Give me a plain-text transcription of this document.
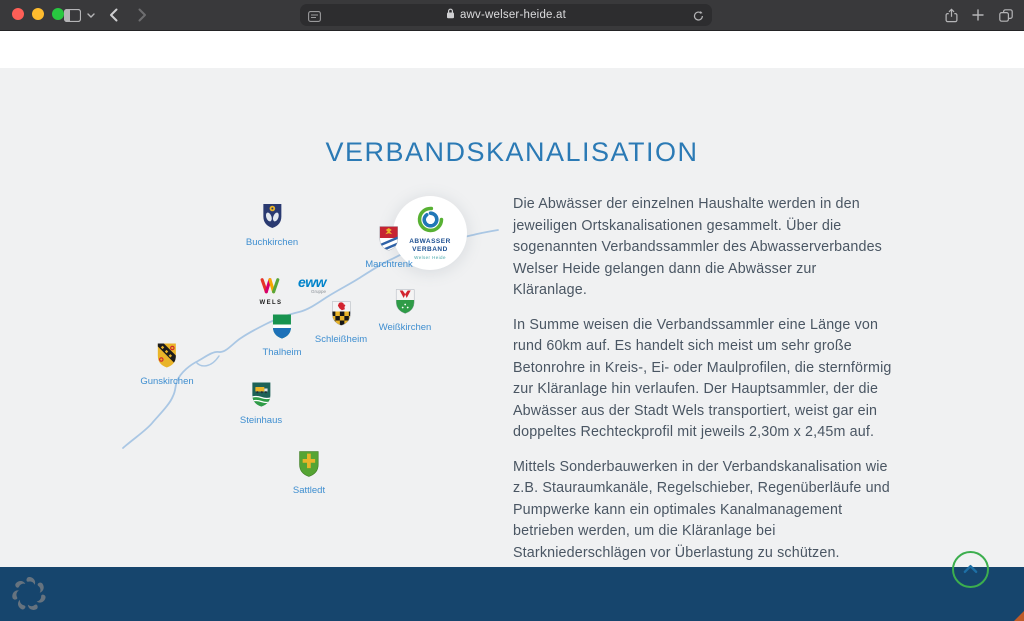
awv-welser-heide.at
VERBANDSKANALISATION
ABWASSER
VERBAND
Welser Heide

Die Abwässer der einzelnen Haushalte werden in den jeweiligen Ortskanalisationen gesammelt. Über die sogenannten Verbandssammler des Abwasserverbandes Welser Heide gelangen dann die Abwässer zur Kläranlage.

In Summe weisen die Verbandssammler eine Länge von rund 60km auf. Es handelt sich meist um sehr große Betonrohre in Kreis-, Ei- oder Maulprofilen, die sternförmig zur Kläranlage hin verlaufen. Der Hauptsammler, der die Abwässer aus der Stadt Wels transportiert, weist gar ein doppeltes Rechteckprofil mit jeweils 2,30m x 2,45m auf.

Mittels Sonderbauwerken in der Verbandskanalisation wie z.B. Stauraumkanäle, Regelschieber, Regenüberläufe und Pumpwerke kann ein optimales Kanalmanagement betrieben werden, um die Kläranlage bei Starkniederschlägen vor Überlastung zu schützen.

Buchkirchen
Marchtrenk
Weißkirchen
Schleißheim
Thalheim
Gunskirchen
Steinhaus
Sattledt
WELS
eww
Gruppe
